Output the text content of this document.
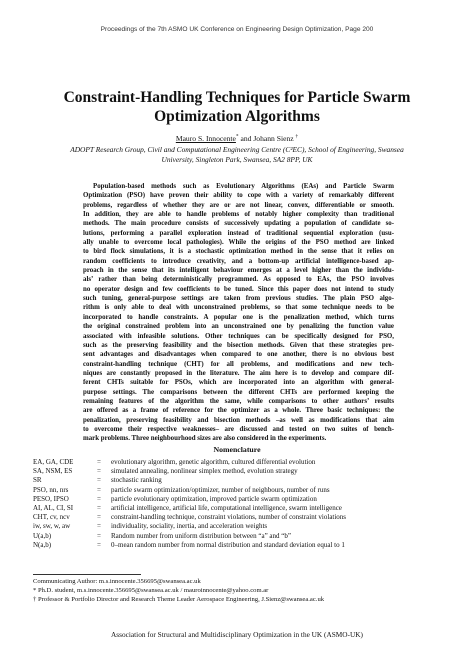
Proceedings of the 7th ASMO UK Conference on Engineering Design Optimization, Page 200
Constraint-Handling Techniques for Particle Swarm
Optimization Algorithms
Mauro S. Innocente* and Johann Sienz †
ADOPT Research Group, Civil and Computational Engineering Centre (C²EC), School of Engineering, Swansea
University, Singleton Park, Swansea, SA2 8PP, UK
Population-based methods such as Evolutionary Algorithms (EAs) and Particle Swarm
Optimization (PSO) have proven their ability to cope with a variety of remarkably different
problems, regardless of whether they are or are not linear, convex, differentiable or smooth.
In addition, they are able to handle problems of notably higher complexity than traditional
methods. The main procedure consists of successively updating a population of candidate so-
lutions, performing a parallel exploration instead of traditional sequential exploration (usu-
ally unable to overcome local pathologies). While the origins of the PSO method are linked
to bird flock simulations, it is a stochastic optimization method in the sense that it relies on
random coefficients to introduce creativity, and a bottom-up artificial intelligence-based ap-
proach in the sense that its intelligent behaviour emerges at a level higher than the individu-
als’ rather than being deterministically programmed. As opposed to EAs, the PSO involves
no operator design and few coefficients to be tuned. Since this paper does not intend to study
such tuning, general-purpose settings are taken from previous studies. The plain PSO algo-
rithm is only able to deal with unconstrained problems, so that some technique needs to be
incorporated to handle constraints. A popular one is the penalization method, which turns
the original constrained problem into an unconstrained one by penalizing the function value
associated with infeasible solutions. Other techniques can be specifically designed for PSO,
such as the preserving feasibility and the bisection methods. Given that these strategies pre-
sent advantages and disadvantages when compared to one another, there is no obvious best
constraint-handling technique (CHT) for all problems, and modifications and new tech-
niques are constantly proposed in the literature. The aim here is to develop and compare dif-
ferent CHTs suitable for PSOs, which are incorporated into an algorithm with general-
purpose settings. The comparisons between the different CHTs are performed keeping the
remaining features of the algorithm the same, while comparisons to other authors’ results
are offered as a frame of reference for the optimizer as a whole. Three basic techniques: the
penalization, preserving feasibility and bisection methods –as well as modifications that aim
to overcome their respective weaknesses– are discussed and tested on two suites of bench-
mark problems. Three neighbourhood sizes are also considered in the experiments.
Nomenclature
EA, GA, CDE	=	evolutionary algorithm, genetic algorithm, cultured differential evolution
SA, NSM, ES	=	simulated annealing, nonlinear simplex method, evolution strategy
SR	=	stochastic ranking
PSO, nn, nrs	=	particle swarm optimization/optimizer, number of neighbours, number of runs
PESO, IPSO	=	particle evolutionary optimization, improved particle swarm optimization
AI, AL, CI, SI	=	artificial intelligence, artificial life, computational intelligence, swarm intelligence
CHT, cv, ncv	=	constraint-handling technique, constraint violations, number of constraint violations
iw, sw, w, aw	=	individuality, sociality, inertia, and acceleration weights
U(a,b)	=	Random number from uniform distribution between “a” and “b”
N(a,b)	=	0–mean random number from normal distribution and standard deviation equal to 1
Communicating Author: m.s.innocente.356695@swansea.ac.uk
* Ph.D. student, m.s.innocente.356695@swansea.ac.uk / mauroinnocente@yahoo.com.ar
† Professor & Portfolio Director and Research Theme Leader Aerospace Engineering, J.Sienz@swansea.ac.uk
Association for Structural and Multidisciplinary Optimization in the UK (ASMO-UK)
